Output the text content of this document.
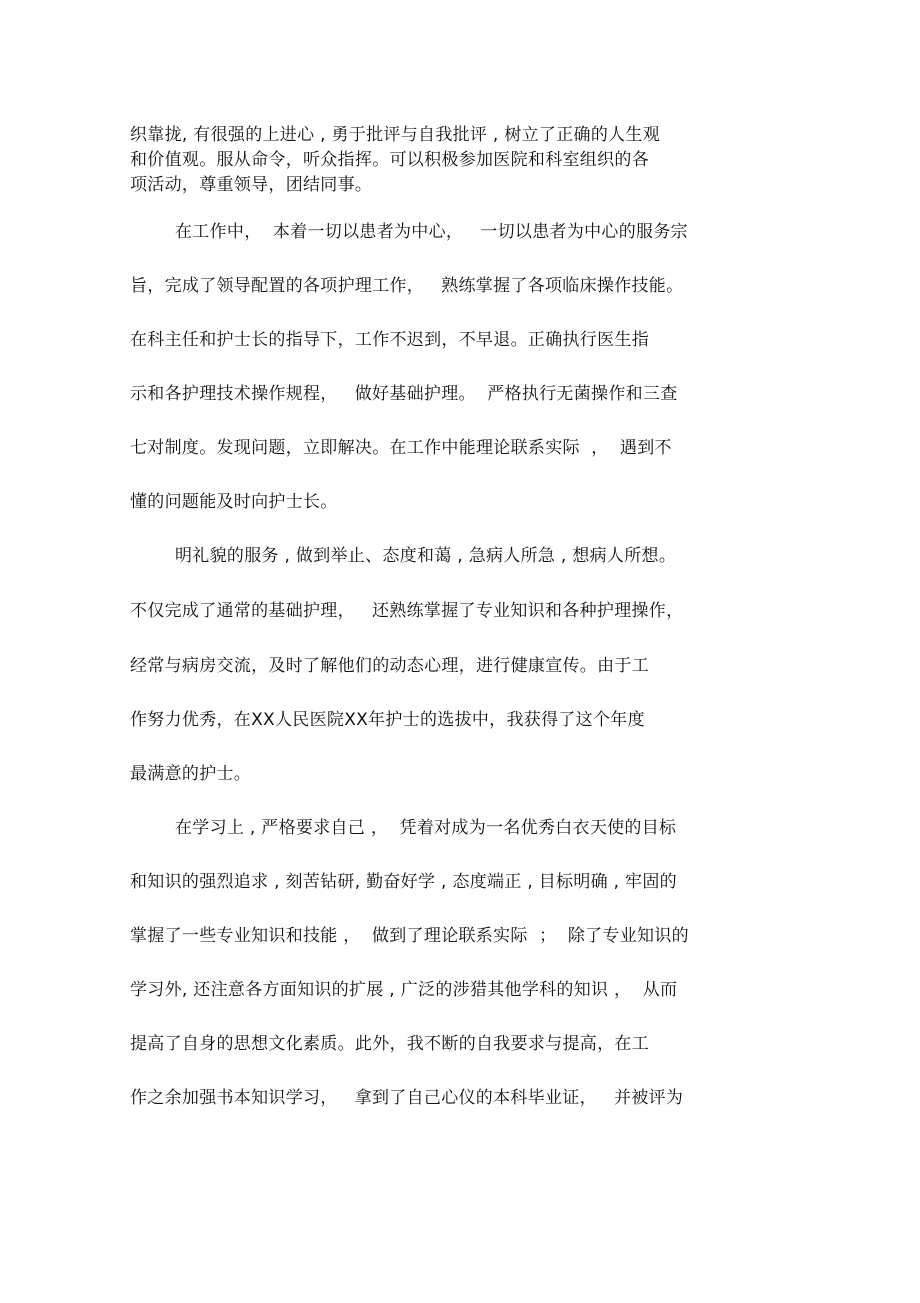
织靠拢, 有很强的上进心 , 勇于批评与自我批评 , 树立了正确的人生观
和价值观。服从命令，听众指挥。可以积极参加医院和科室组织的各
项活动，尊重领导，团结同事。
在工作中，  本着一切以患者为中心，   一切以患者为中心的服务宗
旨，完成了领导配置的各项护理工作，   熟练掌握了各项临床操作技能。
在科主任和护士长的指导下，工作不迟到，不早退。正确执行医生指
示和各护理技术操作规程，   做好基础护理。  严格执行无菌操作和三查
七对制度。发现问题，立即解决。在工作中能理论联系实际  ，  遇到不
懂的问题能及时向护士长。
明礼貌的服务 , 做到举止、态度和蔼 , 急病人所急 , 想病人所想。
不仅完成了通常的基础护理，   还熟练掌握了专业知识和各种护理操作，
经常与病房交流，及时了解他们的动态心理，进行健康宣传。由于工
作努力优秀，在XX人民医院XX年护士的选拔中，我获得了这个年度
最满意的护士。
在学习上 , 严格要求自己 ，  凭着对成为一名优秀白衣天使的目标
和知识的强烈追求 , 刻苦钻研, 勤奋好学 , 态度端正 , 目标明确 , 牢固的
掌握了一些专业知识和技能 ，  做到了理论联系实际  ；  除了专业知识的
学习外, 还注意各方面知识的扩展 , 广泛的涉猎其他学科的知识 ，  从而
提高了自身的思想文化素质。此外，我不断的自我要求与提高，在工
作之余加强书本知识学习，   拿到了自己心仪的本科毕业证，   并被评为
